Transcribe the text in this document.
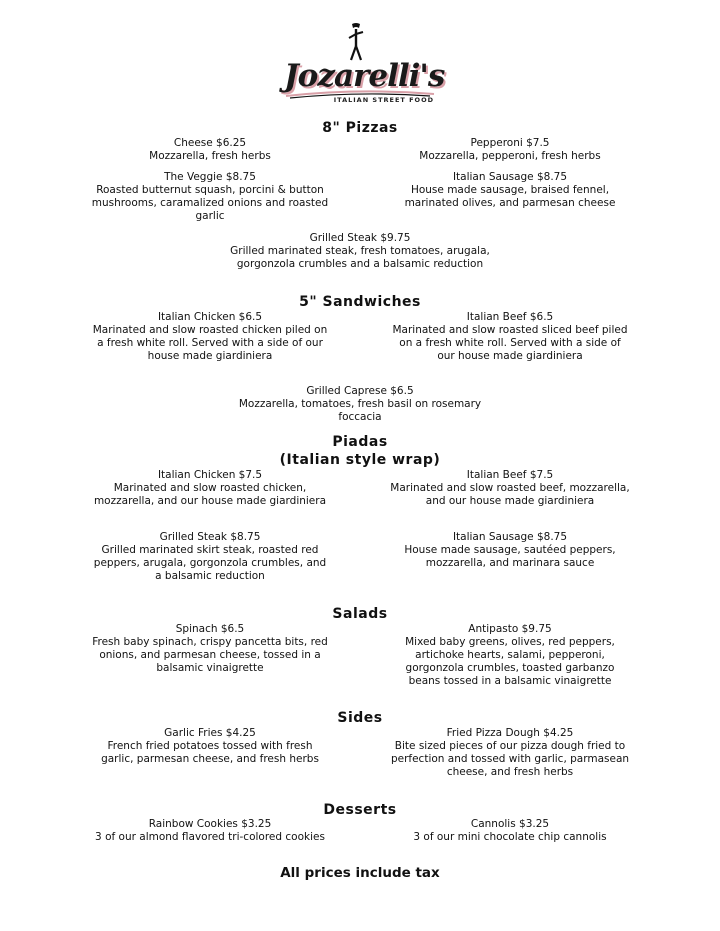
Jozarelli's
ITALIAN STREET FOOD
8" Pizzas
Cheese $6.25
Mozzarella, fresh herbs
Pepperoni $7.5
Mozzarella, pepperoni, fresh herbs
The Veggie $8.75
Roasted butternut squash, porcini & button mushrooms, caramalized onions and roasted garlic
Italian Sausage $8.75
House made sausage, braised fennel, marinated olives, and parmesan cheese
Grilled Steak $9.75
Grilled marinated steak, fresh tomatoes, arugala, gorgonzola crumbles and a balsamic reduction
5" Sandwiches
Italian Chicken $6.5
Marinated and slow roasted chicken piled on a fresh white roll. Served with a side of our house made giardiniera
Italian Beef $6.5
Marinated and slow roasted sliced beef piled on a fresh white roll. Served with a side of our house made giardiniera
Grilled Caprese $6.5
Mozzarella, tomatoes, fresh basil on rosemary foccacia
Piadas
(Italian style wrap)
Italian Chicken $7.5
Marinated and slow roasted chicken, mozzarella, and our house made giardiniera
Italian Beef $7.5
Marinated and slow roasted beef, mozzarella, and our house made giardiniera
Grilled Steak $8.75
Grilled marinated skirt steak, roasted red peppers, arugala, gorgonzola crumbles, and a balsamic reduction
Italian Sausage $8.75
House made sausage, sautéed peppers, mozzarella, and marinara sauce
Salads
Spinach $6.5
Fresh baby spinach, crispy pancetta bits, red onions, and parmesan cheese, tossed in a balsamic vinaigrette
Antipasto $9.75
Mixed baby greens, olives, red peppers, artichoke hearts, salami, pepperoni, gorgonzola crumbles, toasted garbanzo beans tossed in a balsamic vinaigrette
Sides
Garlic Fries $4.25
French fried potatoes tossed with fresh garlic, parmesan cheese, and fresh herbs
Fried Pizza Dough $4.25
Bite sized pieces of our pizza dough fried to perfection and tossed with garlic, parmasean cheese, and fresh herbs
Desserts
Rainbow Cookies $3.25
3 of our almond flavored tri-colored cookies
Cannolis $3.25
3 of our mini chocolate chip cannolis
All prices include tax
